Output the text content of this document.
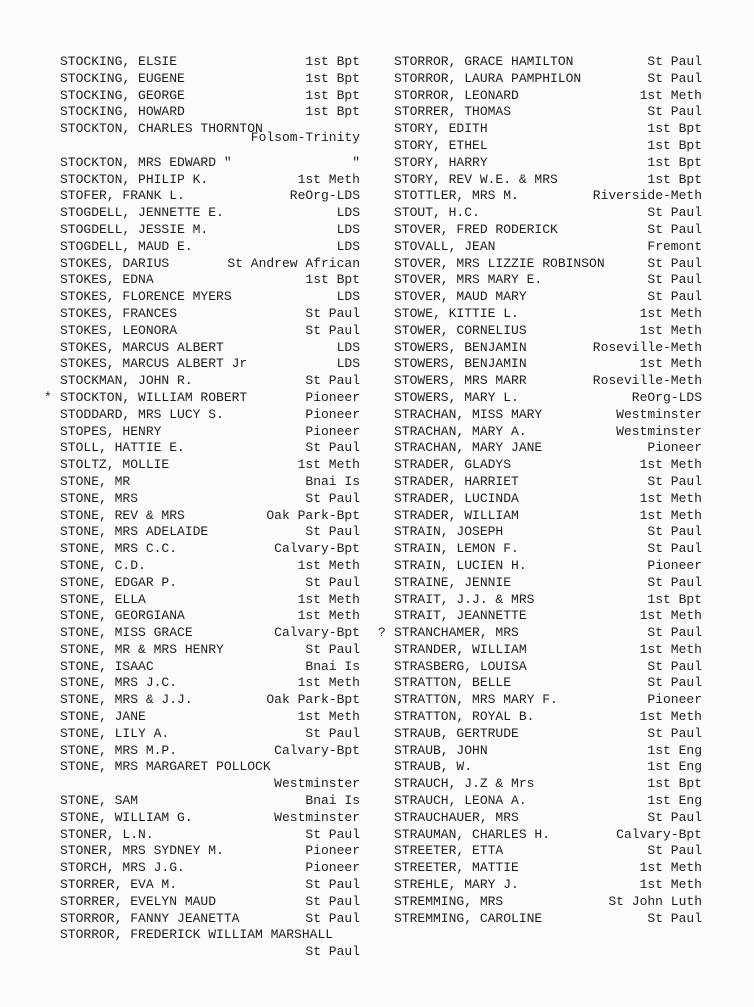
STOCKING, ELSIE	1st Bpt
STOCKING, EUGENE	1st Bpt
STOCKING, GEORGE	1st Bpt
STOCKING, HOWARD	1st Bpt
STOCKTON, CHARLES THORNTON
Folsom-Trinity
STOCKTON, MRS EDWARD "	"
STOCKTON, PHILIP K.	1st Meth
STOFER, FRANK L.	ReOrg-LDS
STOGDELL, JENNETTE E.	LDS
STOGDELL, JESSIE M.	LDS
STOGDELL, MAUD E.	LDS
STOKES, DARIUS	St Andrew African
STOKES, EDNA	1st Bpt
STOKES, FLORENCE MYERS	LDS
STOKES, FRANCES	St Paul
STOKES, LEONORA	St Paul
STOKES, MARCUS ALBERT	LDS
STOKES, MARCUS ALBERT Jr	LDS
STOCKMAN, JOHN R.	St Paul
* STOCKTON, WILLIAM ROBERT	Pioneer
STODDARD, MRS LUCY S.	Pioneer
STOPES, HENRY	Pioneer
STOLL, HATTIE E.	St Paul
STOLTZ, MOLLIE	1st Meth
STONE, MR	Bnai Is
STONE, MRS	St Paul
STONE, REV & MRS	Oak Park-Bpt
STONE, MRS ADELAIDE	St Paul
STONE, MRS C.C.	Calvary-Bpt
STONE, C.D.	1st Meth
STONE, EDGAR P.	St Paul
STONE, ELLA	1st Meth
STONE, GEORGIANA	1st Meth
STONE, MISS GRACE	Calvary-Bpt
STONE, MR & MRS HENRY	St Paul
STONE, ISAAC	Bnai Is
STONE, MRS J.C.	1st Meth
STONE, MRS & J.J.	Oak Park-Bpt
STONE, JANE	1st Meth
STONE, LILY A.	St Paul
STONE, MRS M.P.	Calvary-Bpt
STONE, MRS MARGARET POLLOCK
Westminster
STONE, SAM	Bnai Is
STONE, WILLIAM G.	Westminster
STONER, L.N.	St Paul
STONER, MRS SYDNEY M.	Pioneer
STORCH, MRS J.G.	Pioneer
STORRER, EVA M.	St Paul
STORRER, EVELYN MAUD	St Paul
STORROR, FANNY JEANETTA	St Paul
STORROR, FREDERICK WILLIAM MARSHALL
St Paul
STORROR, GRACE HAMILTON	St Paul
STORROR, LAURA PAMPHILON	St Paul
STORROR, LEONARD	1st Meth
STORRER, THOMAS	St Paul
STORY, EDITH	1st Bpt
STORY, ETHEL	1st Bpt
STORY, HARRY	1st Bpt
STORY, REV W.E. & MRS	1st Bpt
STOTTLER, MRS M.	Riverside-Meth
STOUT, H.C.	St Paul
STOVER, FRED RODERICK	St Paul
STOVALL, JEAN	Fremont
STOVER, MRS LIZZIE ROBINSON	St Paul
STOVER, MRS MARY E.	St Paul
STOVER, MAUD MARY	St Paul
STOWE, KITTIE L.	1st Meth
STOWER, CORNELIUS	1st Meth
STOWERS, BENJAMIN	Roseville-Meth
STOWERS, BENJAMIN	1st Meth
STOWERS, MRS MARR	Roseville-Meth
STOWERS, MARY L.	ReOrg-LDS
STRACHAN, MISS MARY	Westminster
STRACHAN, MARY A.	Westminster
STRACHAN, MARY JANE	Pioneer
STRADER, GLADYS	1st Meth
STRADER, HARRIET	St Paul
STRADER, LUCINDA	1st Meth
STRADER, WILLIAM	1st Meth
STRAIN, JOSEPH	St Paul
STRAIN, LEMON F.	St Paul
STRAIN, LUCIEN H.	Pioneer
STRAINE, JENNIE	St Paul
STRAIT, J.J. & MRS	1st Bpt
STRAIT, JEANNETTE	1st Meth
? STRANCHAMER, MRS	St Paul
STRANDER, WILLIAM	1st Meth
STRASBERG, LOUISA	St Paul
STRATTON, BELLE	St Paul
STRATTON, MRS MARY F.	Pioneer
STRATTON, ROYAL B.	1st Meth
STRAUB, GERTRUDE	St Paul
STRAUB, JOHN	1st Eng
STRAUB, W.	1st Eng
STRAUCH, J.Z & Mrs	1st Bpt
STRAUCH, LEONA A.	1st Eng
STRAUCHAUER, MRS	St Paul
STRAUMAN, CHARLES H.	Calvary-Bpt
STREETER, ETTA	St Paul
STREETER, MATTIE	1st Meth
STREHLE, MARY J.	1st Meth
STREMMING, MRS	St John Luth
STREMMING, CAROLINE	St Paul
